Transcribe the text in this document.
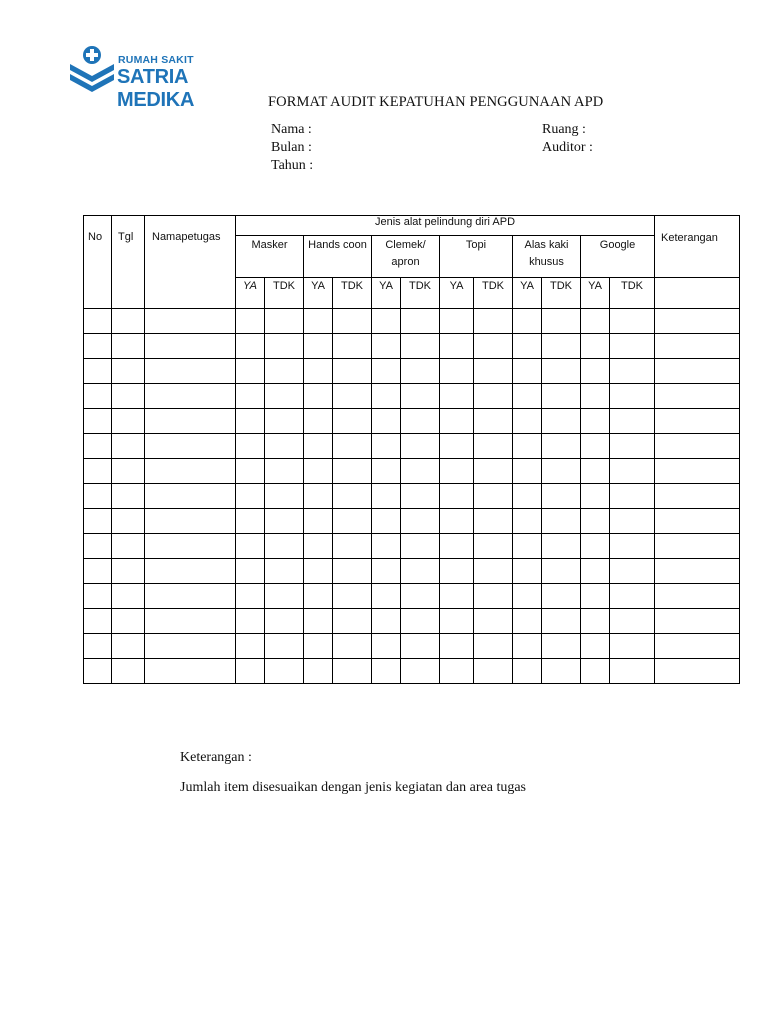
RUMAH SAKIT
SATRIA MEDIKA	FORMAT AUDIT KEPATUHAN PENGGUNAAN APD
Nama :
Bulan :
Tahun :
Ruang :
Auditor :
No	Tgl	Namapetugas	Jenis alat pelindung diri APD												Keterangan
			Masker		Hands coon		Clemek/ apron		Topi		Alas kaki khusus		Google		
			YA	TDK	YA	TDK	YA	TDK	YA	TDK	YA	TDK	YA	TDK	

Keterangan :
Jumlah item disesuaikan dengan jenis kegiatan dan area tugas
